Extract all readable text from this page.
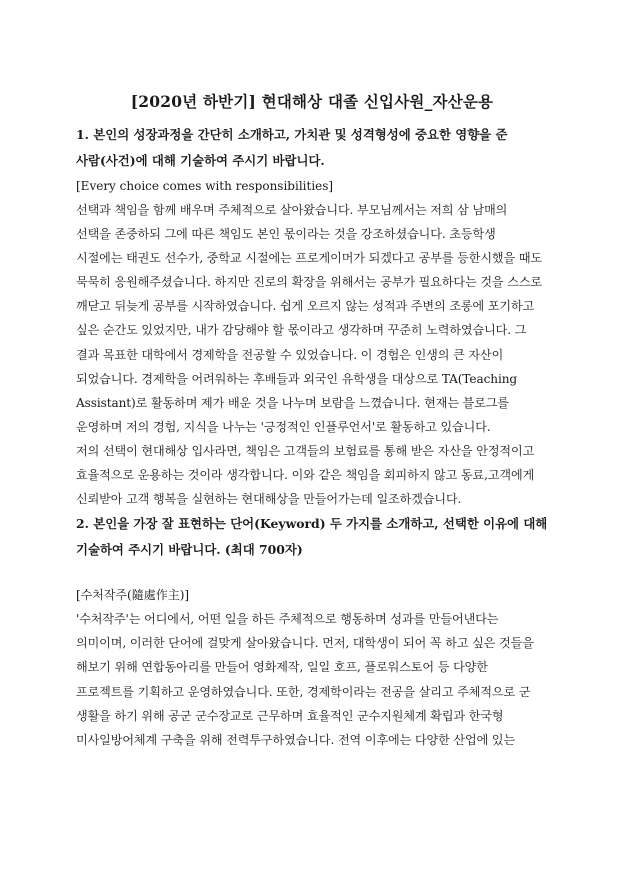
[2020년 하반기] 현대해상 대졸 신입사원_자산운용

1. 본인의 성장과정을 간단히 소개하고, 가치관 및 성격형성에 중요한 영향을 준

사람(사건)에 대해 기술하여 주시기 바랍니다.

[Every choice comes with responsibilities]

선택과 책임을 함께 배우며 주체적으로 살아왔습니다. 부모님께서는 저희 삼 남매의

선택을 존중하되 그에 따른 책임도 본인 몫이라는 것을 강조하셨습니다. 초등학생

시절에는 태권도 선수가, 중학교 시절에는 프로게이머가 되겠다고 공부를 등한시했을 때도

묵묵히 응원해주셨습니다. 하지만 진로의 확장을 위해서는 공부가 필요하다는 것을 스스로

깨닫고 뒤늦게 공부를 시작하였습니다. 쉽게 오르지 않는 성적과 주변의 조롱에 포기하고

싶은 순간도 있었지만, 내가 감당해야 할 몫이라고 생각하며 꾸준히 노력하였습니다. 그

결과 목표한 대학에서 경제학을 전공할 수 있었습니다. 이 경험은 인생의 큰 자산이

되었습니다. 경제학을 어려워하는 후배들과 외국인 유학생을 대상으로 TA(Teaching

Assistant)로 활동하며 제가 배운 것을 나누며 보람을 느꼈습니다. 현재는 블로그를

운영하며 저의 경험, 지식을 나누는 '긍정적인 인플루언서'로 활동하고 있습니다.

저의 선택이 현대해상 입사라면, 책임은 고객들의 보험료를 통해 받은 자산을 안정적이고

효율적으로 운용하는 것이라 생각합니다. 이와 같은 책임을 회피하지 않고 동료,고객에게

신뢰받아 고객 행복을 실현하는 현대해상을 만들어가는데 일조하겠습니다.

2. 본인을 가장 잘 표현하는 단어(Keyword) 두 가지를 소개하고, 선택한 이유에 대해

기술하여 주시기 바랍니다. (최대 700자)

[수처작주(隨處作主)]

'수처작주'는 어디에서, 어떤 일을 하든 주체적으로 행동하며 성과를 만들어낸다는

의미이며, 이러한 단어에 걸맞게 살아왔습니다. 먼저, 대학생이 되어 꼭 하고 싶은 것들을

해보기 위해 연합동아리를 만들어 영화제작, 일일 호프, 플로워스토어 등 다양한

프로젝트를 기획하고 운영하였습니다. 또한, 경제학이라는 전공을 살리고 주체적으로 군

생활을 하기 위해 공군 군수장교로 근무하며 효율적인 군수지원체계 확립과 한국형

미사일방어체계 구축을 위해 전력투구하였습니다. 전역 이후에는 다양한 산업에 있는
